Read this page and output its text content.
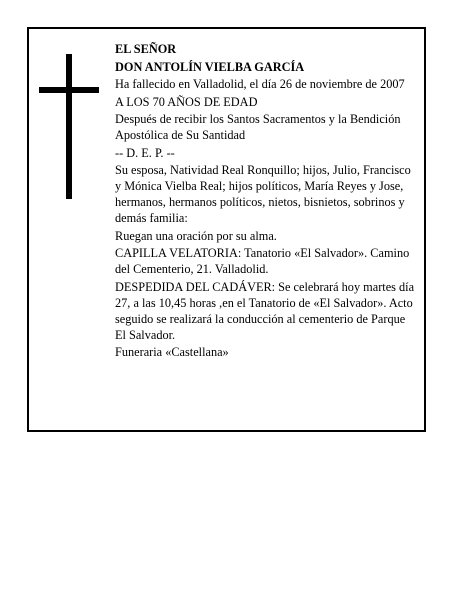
EL SEÑOR

DON ANTOLÍN VIELBA GARCÍA

Ha fallecido en Valladolid, el día 26 de noviembre de 2007

A LOS 70 AÑOS DE EDAD

Después de recibir los Santos Sacramentos y la Bendición Apostólica de Su Santidad

-- D. E. P. --

Su esposa, Natividad Real Ronquillo; hijos, Julio, Francisco y Mónica Vielba Real; hijos políticos, María Reyes y Jose, hermanos, hermanos políticos, nietos, bisnietos, sobrinos y demás familia:

Ruegan una oración por su alma.

CAPILLA VELATORIA: Tanatorio «El Salvador». Camino del Cementerio, 21. Valladolid.

DESPEDIDA DEL CADÁVER: Se celebrará hoy martes día 27, a las 10,45 horas ,en el Tanatorio de «El Salvador». Acto seguido se realizará la conducción al cementerio de Parque El Salvador.

Funeraria «Castellana»
